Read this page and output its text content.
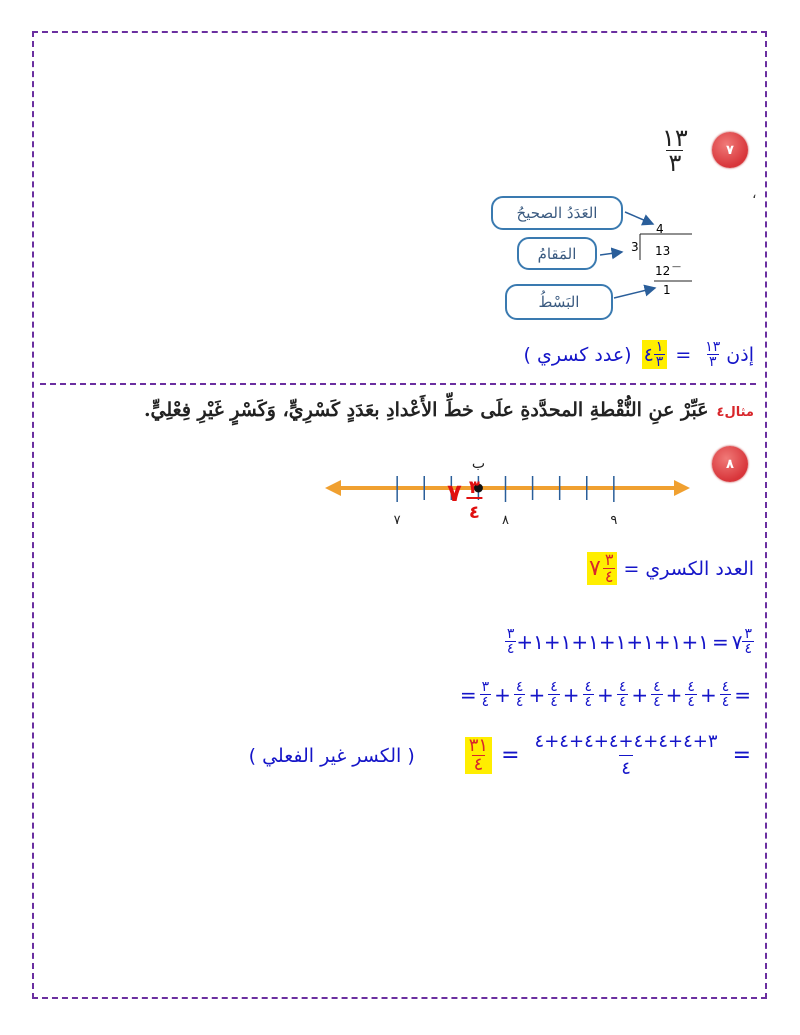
٧
$\frac{١٣}{٣}$
،
العَدَدُ الصحيحُ
المَقامُ
البَسْطُ
4
3 13
12 —
1
إذن
$\frac{١٣}{٣}$
=
$\frac{١}{٣}$
٤
(عدد كسري )
مثال٤
عَبِّرْ عنِ النُّقْطةِ المحدَّدةِ علَى خطِّ الأَعْدادِ بعَدَدٍ كَسْرِيٍّ، وَكَسْرٍ غَيْرِ فِعْلِيٍّ.
٨
٧	٨	٩
ب
٧ ٣
٤
العدد الكسري =
$\frac{٣}{٤}$
٧
$\frac{٣}{٤}$
٧
=
١+١+١+١+١+١+١+
$\frac{٣}{٤}$
=
$\frac{٤}{٤}$
+
$\frac{٤}{٤}$
+
$\frac{٤}{٤}$
+
$\frac{٤}{٤}$
+
$\frac{٤}{٤}$
+
$\frac{٤}{٤}$
+
$\frac{٤}{٤}$
+
$\frac{٣}{٤}$
=
=
$\frac{٣+٤+٤+٤+٤+٤+٤+٤}{٤}$
=
$\frac{٣١}{٤}$
( الكسر غير الفعلي )
